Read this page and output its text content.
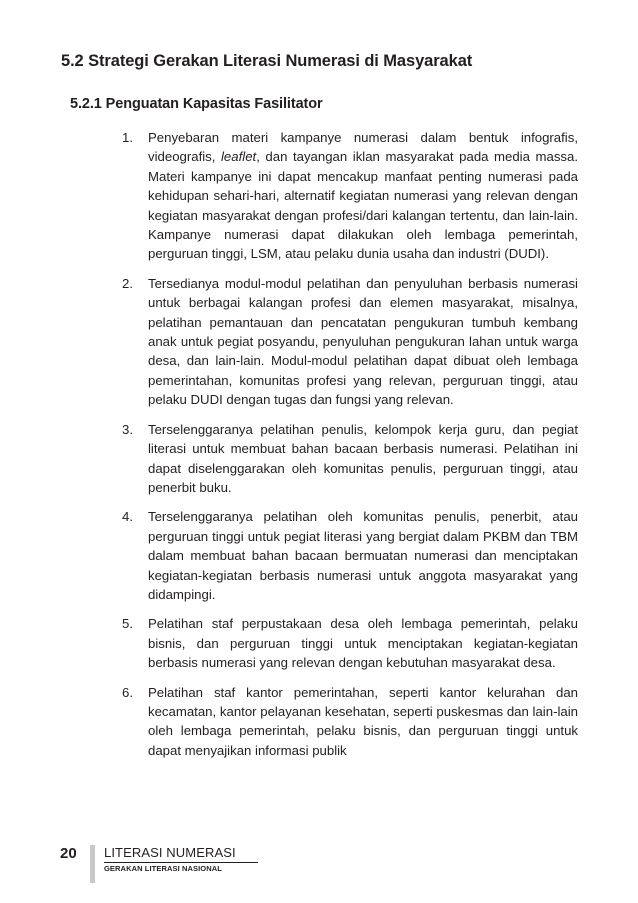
5.2 Strategi Gerakan Literasi Numerasi di Masyarakat
5.2.1 Penguatan Kapasitas Fasilitator
1. Penyebaran materi kampanye numerasi dalam bentuk infografis, videografis, leaflet, dan tayangan iklan masyarakat pada media massa. Materi kampanye ini dapat mencakup manfaat penting numerasi pada kehidupan sehari-hari, alternatif kegiatan numerasi yang relevan dengan kegiatan masyarakat dengan profesi/dari kalangan tertentu, dan lain-lain. Kampanye numerasi dapat dilakukan oleh lembaga pemerintah, perguruan tinggi, LSM, atau pelaku dunia usaha dan industri (DUDI).
2. Tersedianya modul-modul pelatihan dan penyuluhan berbasis numerasi untuk berbagai kalangan profesi dan elemen masyarakat, misalnya, pelatihan pemantauan dan pencatatan pengukuran tumbuh kembang anak untuk pegiat posyandu, penyuluhan pengukuran lahan untuk warga desa, dan lain-lain. Modul-modul pelatihan dapat dibuat oleh lembaga pemerintahan, komunitas profesi yang relevan, perguruan tinggi, atau pelaku DUDI dengan tugas dan fungsi yang relevan.
3. Terselenggaranya pelatihan penulis, kelompok kerja guru, dan pegiat literasi untuk membuat bahan bacaan berbasis numerasi. Pelatihan ini dapat diselenggarakan oleh komunitas penulis, perguruan tinggi, atau penerbit buku.
4. Terselenggaranya pelatihan oleh komunitas penulis, penerbit, atau perguruan tinggi untuk pegiat literasi yang bergiat dalam PKBM dan TBM dalam membuat bahan bacaan bermuatan numerasi dan menciptakan kegiatan-kegiatan berbasis numerasi untuk anggota masyarakat yang didampingi.
5. Pelatihan staf perpustakaan desa oleh lembaga pemerintah, pelaku bisnis, dan perguruan tinggi untuk menciptakan kegiatan-kegiatan berbasis numerasi yang relevan dengan kebutuhan masyarakat desa.
6. Pelatihan staf kantor pemerintahan, seperti kantor kelurahan dan kecamatan, kantor pelayanan kesehatan, seperti puskesmas dan lain-lain oleh lembaga pemerintah, pelaku bisnis, dan perguruan tinggi untuk dapat menyajikan informasi publik
20 LITERASI NUMERASI
GERAKAN LITERASI NASIONAL
